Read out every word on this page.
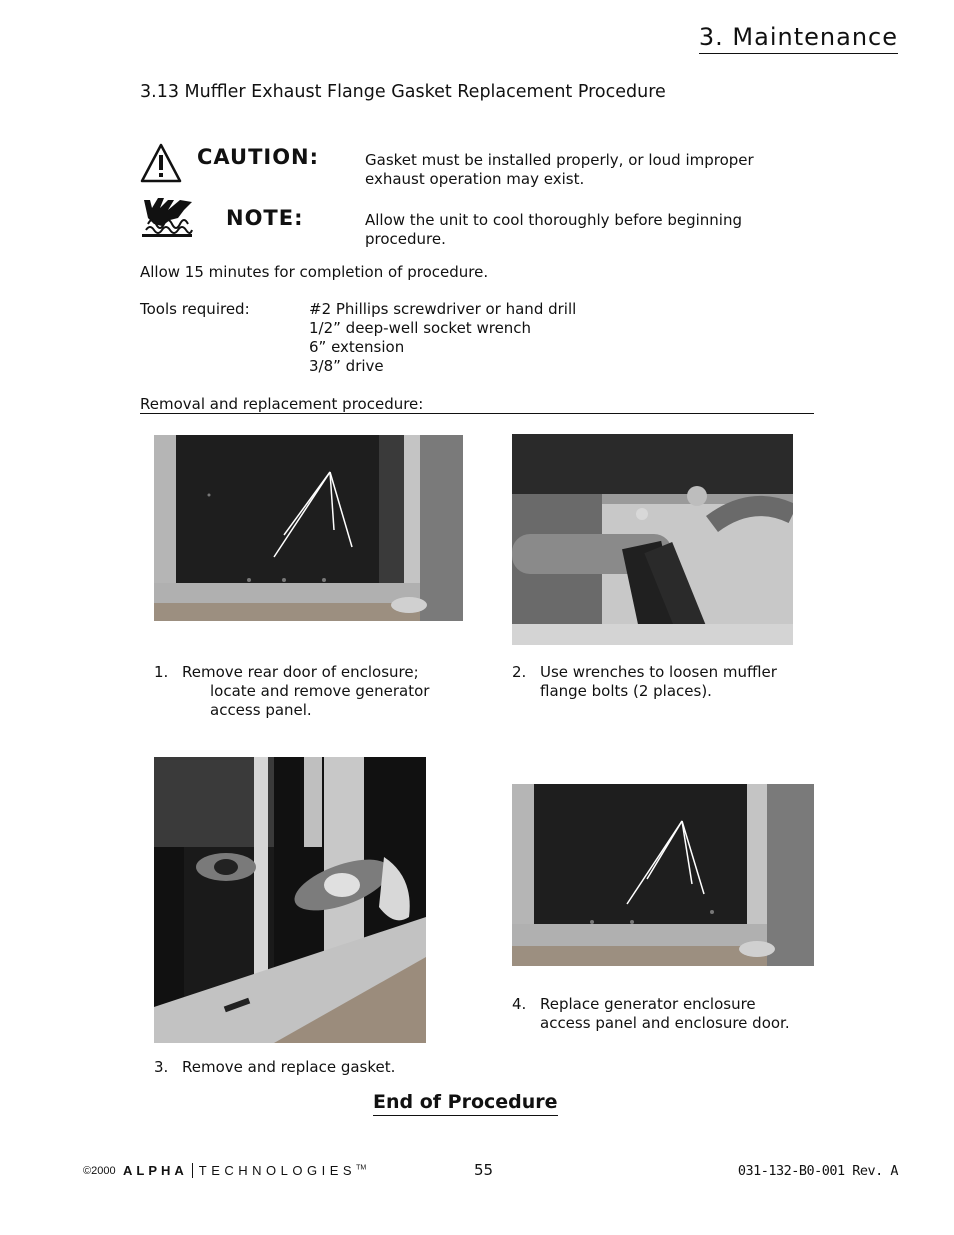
3. Maintenance
3.13 Muffler Exhaust Flange Gasket Replacement Procedure
CAUTION:	Gasket must be installed properly, or loud improper exhaust operation may exist.
NOTE:	Allow the unit to cool thoroughly before beginning procedure.
Allow 15 minutes for completion of procedure.
Tools required:	#2 Phillips screwdriver or hand drill
1/2” deep-well socket wrench
6” extension
3/8” drive
Removal and replacement procedure:
1. Remove rear door of enclosure;
locate and remove generator
access panel.
2. Use wrenches to loosen muffler
flange bolts (2 places).
4. Replace generator enclosure
access panel and enclosure door.
3. Remove and replace gasket.
End of Procedure
©2000 ALPHA TECHNOLOGIES™	55	031-132-B0-001 Rev. A
